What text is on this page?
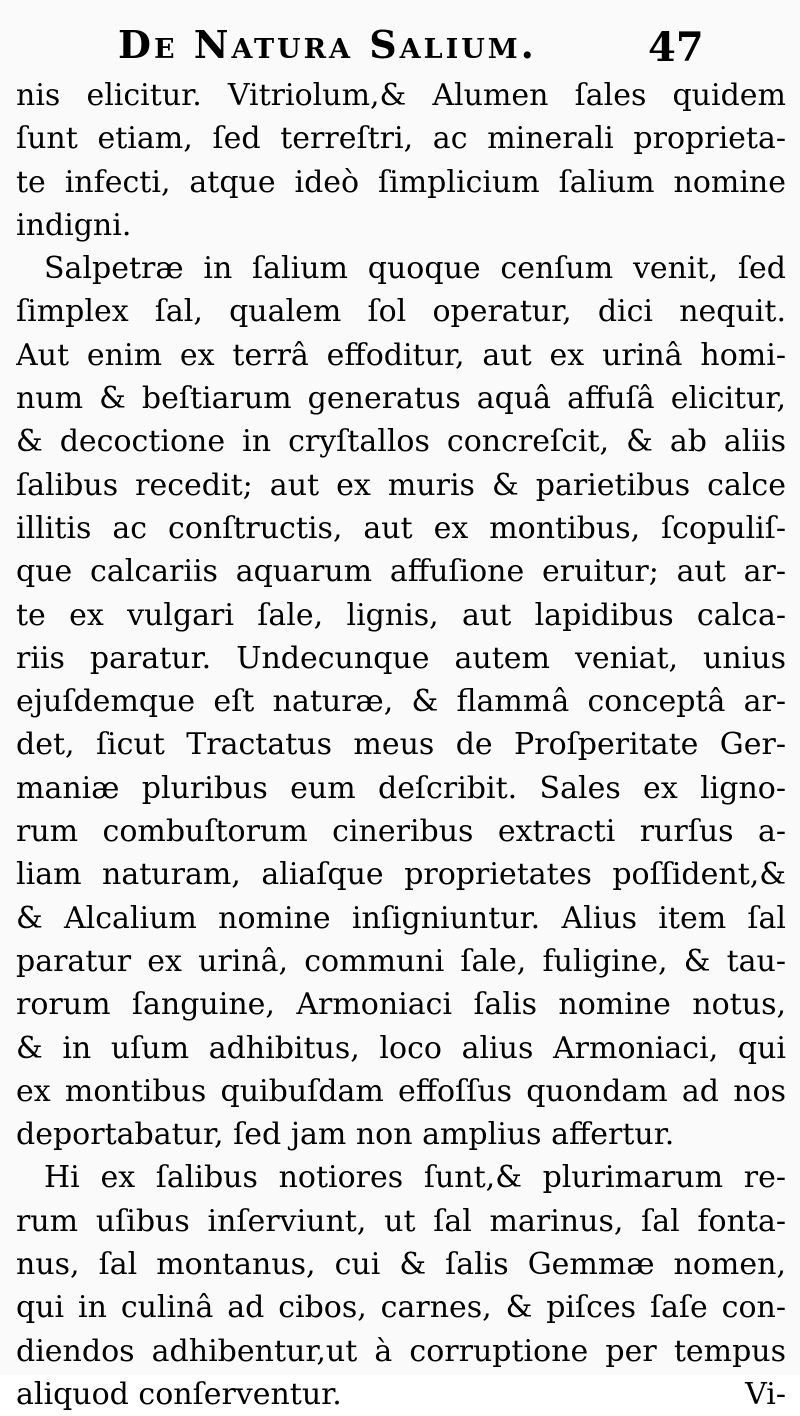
De Natura Salium.	47
nis elicitur. Vitriolum,& Alumen ſales quidem
ſunt etiam, ſed terreſtri, ac minerali proprieta-
te infecti, atque ideò ſimplicium ſalium nomine
indigni.
Salpetræ in ſalium quoque cenſum venit, ſed
ſimplex ſal, qualem ſol operatur, dici nequit.
Aut enim ex terrâ effoditur, aut ex urinâ homi-
num & beſtiarum generatus aquâ affuſâ elicitur,
& decoctione in cryſtallos concreſcit, & ab aliis
ſalibus recedit; aut ex muris & parietibus calce
illitis ac conſtructis, aut ex montibus, ſcopuliſ-
que calcariis aquarum affuſione eruitur; aut ar-
te ex vulgari ſale, lignis, aut lapidibus calca-
riis paratur. Undecunque autem veniat, unius
ejuſdemque eſt naturæ, & flammâ conceptâ ar-
det, ſicut Tractatus meus de Proſperitate Ger-
maniæ pluribus eum deſcribit. Sales ex ligno-
rum combuſtorum cineribus extracti rurſus a-
liam naturam, aliaſque proprietates poſſident,&
& Alcalium nomine inſigniuntur. Alius item ſal
paratur ex urinâ, communi ſale, fuligine, & tau-
rorum ſanguine, Armoniaci ſalis nomine notus,
& in uſum adhibitus, loco alius Armoniaci, qui
ex montibus quibuſdam effoſſus quondam ad nos
deportabatur, ſed jam non amplius affertur.
Hi ex ſalibus notiores ſunt,& plurimarum re-
rum uſibus inſerviunt, ut ſal marinus, ſal fonta-
nus, ſal montanus, cui & ſalis Gemmæ nomen,
qui in culinâ ad cibos, carnes, & piſces ſaſe con-
diendos adhibentur,ut à corruptione per tempus
aliquod conſerventur.	Vi-
